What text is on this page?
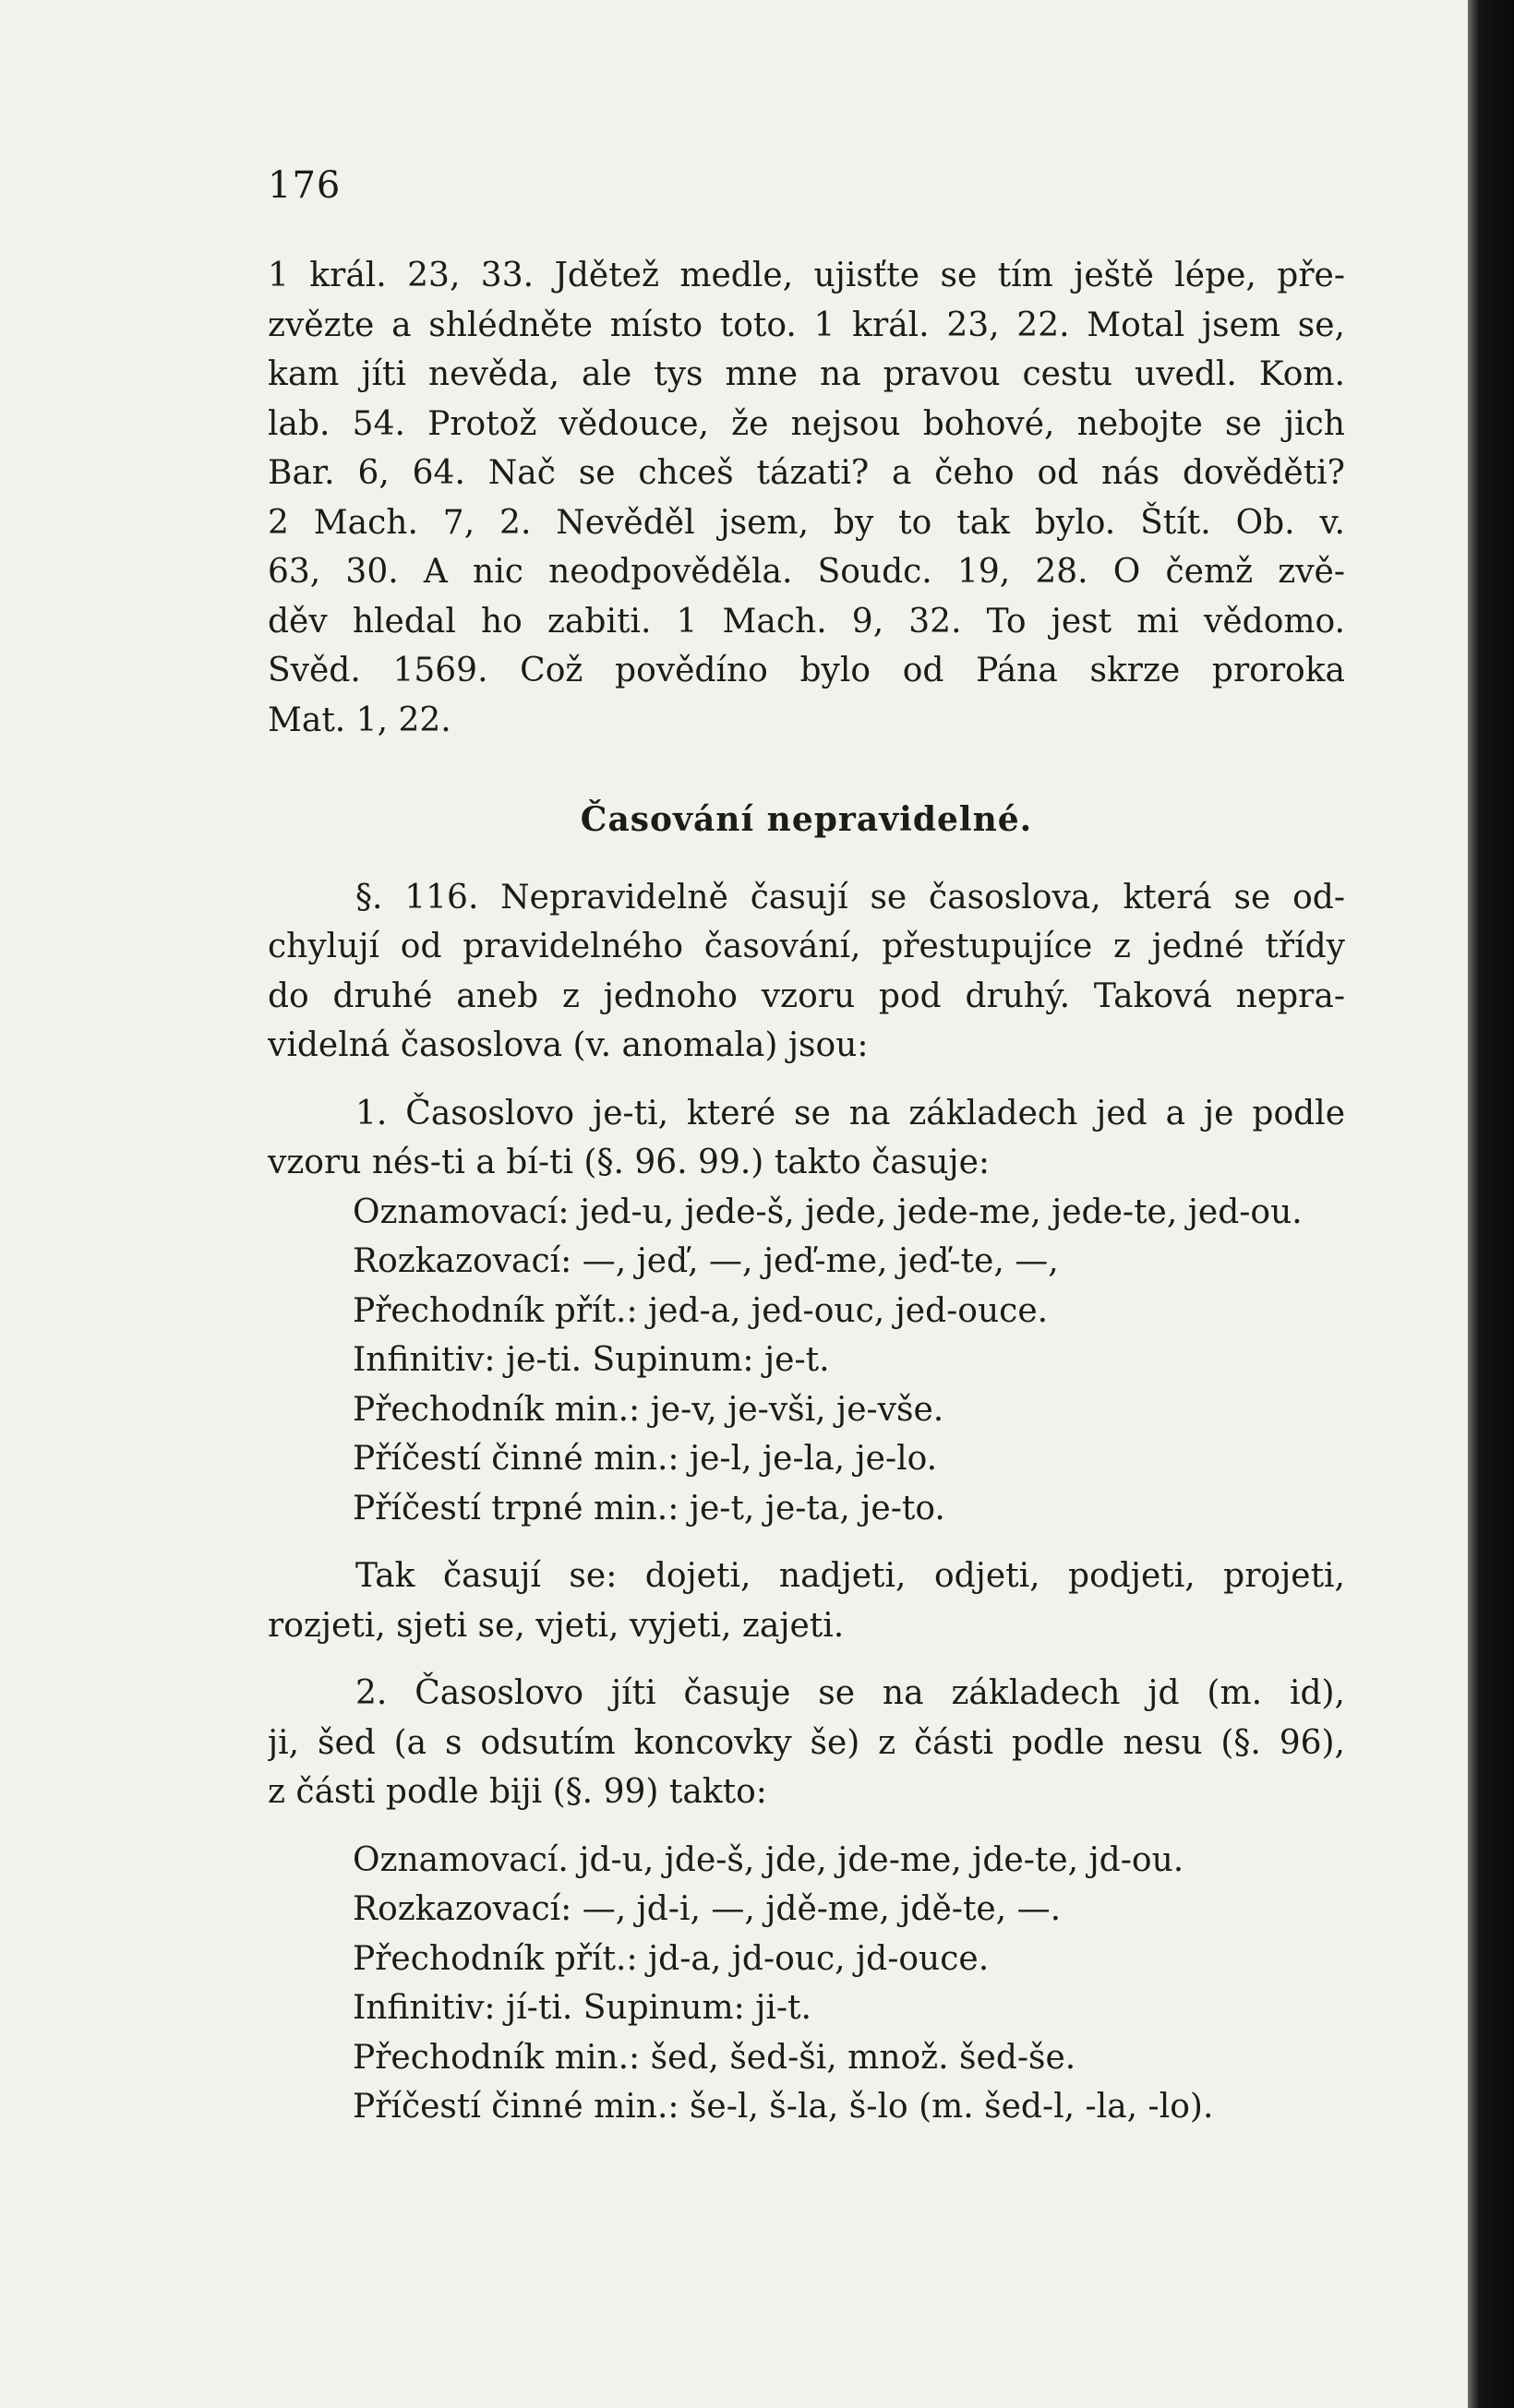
176
1 král. 23, 33. Jdětež medle, ujisťte se tím ještě lépe, pře-
zvězte a shlédněte místo toto. 1 král. 23, 22. Motal jsem se,
kam jíti nevěda, ale tys mne na pravou cestu uvedl. Kom.
lab. 54. Protož vědouce, že nejsou bohové, nebojte se jich
Bar. 6, 64. Nač se chceš tázati? a čeho od nás dověděti?
2 Mach. 7, 2. Nevěděl jsem, by to tak bylo. Štít. Ob. v.
63, 30. A nic neodpověděla. Soudc. 19, 28. O čemž zvě-
děv hledal ho zabiti. 1 Mach. 9, 32. To jest mi vědomo.
Svěd. 1569. Což povědíno bylo od Pána skrze proroka
Mat. 1, 22.
Časování nepravidelné.
§. 116. Nepravidelně časují se časoslova, která se od-
chylují od pravidelného časování, přestupujíce z jedné třídy
do druhé aneb z jednoho vzoru pod druhý. Taková nepra-
videlná časoslova (v. anomala) jsou:
1. Časoslovo je-ti, které se na základech jed a je podle
vzoru nés-ti a bí-ti (§. 96. 99.) takto časuje:
Oznamovací: jed-u, jede-š, jede, jede-me, jede-te, jed-ou.
Rozkazovací: —, jeď, —, jeď-me, jeď-te, —,
Přechodník přít.: jed-a, jed-ouc, jed-ouce.
Infinitiv: je-ti. Supinum: je-t.
Přechodník min.: je-v, je-vši, je-vše.
Příčestí činné min.: je-l, je-la, je-lo.
Příčestí trpné min.: je-t, je-ta, je-to.
Tak časují se: dojeti, nadjeti, odjeti, podjeti, projeti,
rozjeti, sjeti se, vjeti, vyjeti, zajeti.
2. Časoslovo jíti časuje se na základech jd (m. id),
ji, šed (a s odsutím koncovky še) z části podle nesu (§. 96),
z části podle biji (§. 99) takto:
Oznamovací. jd-u, jde-š, jde, jde-me, jde-te, jd-ou.
Rozkazovací: —, jd-i, —, jdě-me, jdě-te, —.
Přechodník přít.: jd-a, jd-ouc, jd-ouce.
Infinitiv: jí-ti. Supinum: ji-t.
Přechodník min.: šed, šed-ši, množ. šed-še.
Příčestí činné min.: še-l, š-la, š-lo (m. šed-l, -la, -lo).
